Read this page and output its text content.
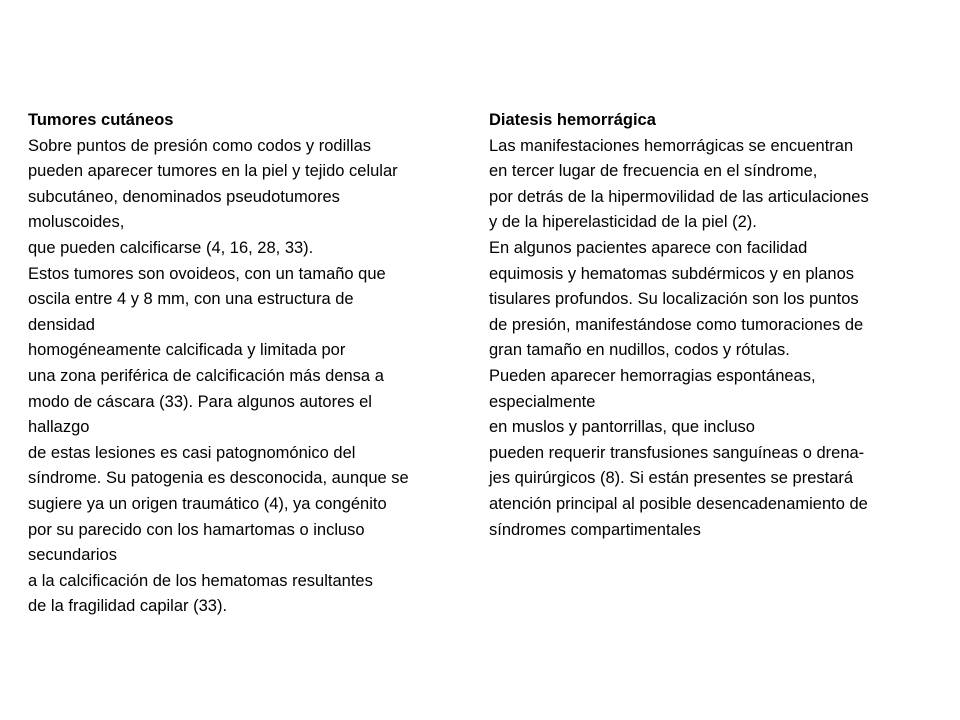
Tumores cutáneos

Sobre puntos de presión como codos y rodillas

pueden aparecer tumores en la piel y tejido celular

subcutáneo, denominados pseudotumores

moluscoides,

que pueden calcificarse (4, 16, 28, 33).

Estos tumores son ovoideos, con un tamaño que

oscila entre 4 y 8 mm, con una estructura de

densidad

homogéneamente calcificada y limitada por

una zona periférica de calcificación más densa a

modo de cáscara (33). Para algunos autores el

hallazgo

de estas lesiones es casi patognomónico del

síndrome. Su patogenia es desconocida, aunque se

sugiere ya un origen traumático (4), ya congénito

por su parecido con los hamartomas o incluso

secundarios

a la calcificación de los hematomas resultantes

de la fragilidad capilar (33).

Diatesis hemorrágica

Las manifestaciones hemorrágicas se encuentran

en tercer lugar de frecuencia en el síndrome,

por detrás de la hipermovilidad de las articulaciones

y de la hiperelasticidad de la piel (2).

En algunos pacientes aparece con facilidad

equimosis y hematomas subdérmicos y en planos

tisulares profundos. Su localización son los puntos

de presión, manifestándose como tumoraciones de

gran tamaño en nudillos, codos y rótulas.

Pueden aparecer hemorragias espontáneas,

especialmente

en muslos y pantorrillas, que incluso

pueden requerir transfusiones sanguíneas o drena-

jes quirúrgicos (8). Si están presentes se prestará

atención principal al posible desencadenamiento de

síndromes compartimentales
